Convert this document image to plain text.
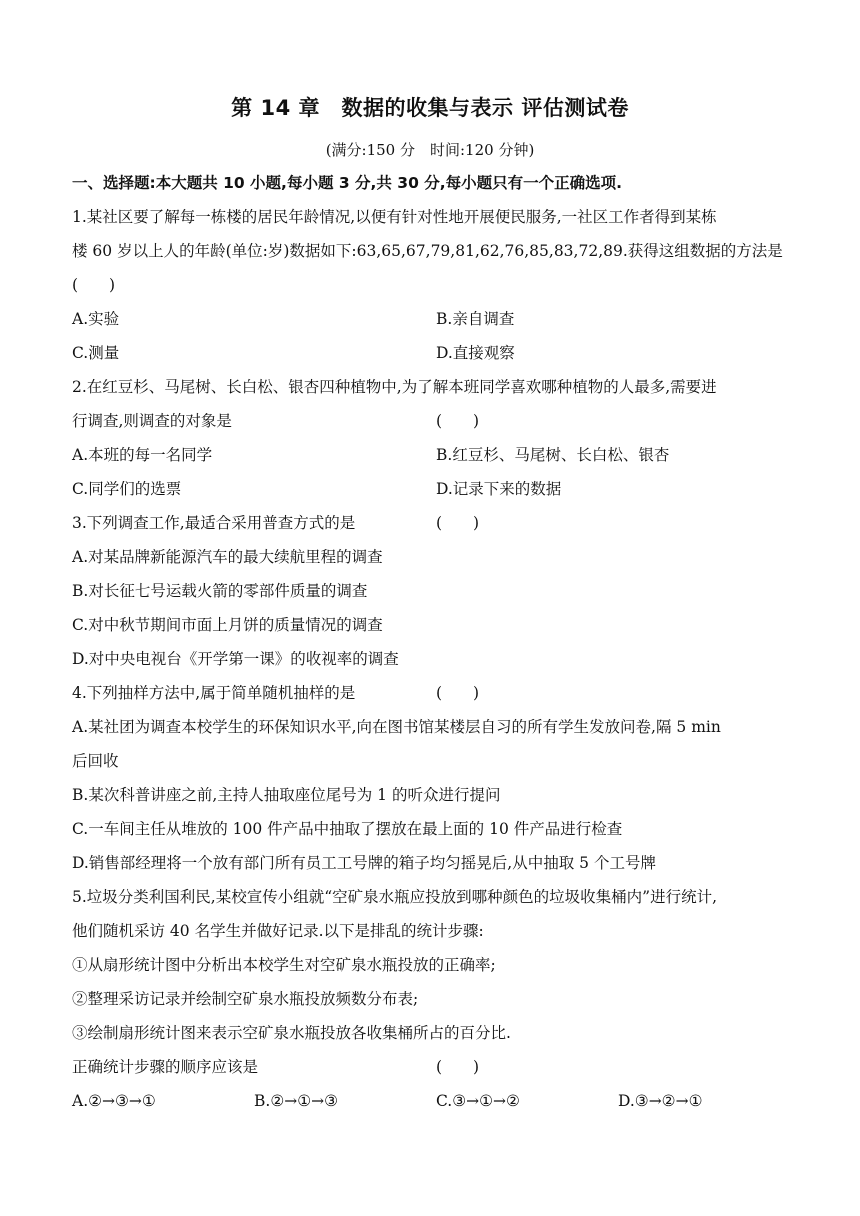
第 14 章　数据的收集与表示 评估测试卷
(满分:150 分　时间:120 分钟)
一、选择题:本大题共 10 小题,每小题 3 分,共 30 分,每小题只有一个正确选项.
1.某社区要了解每一栋楼的居民年龄情况,以便有针对性地开展便民服务,一社区工作者得到某栋
楼 60 岁以上人的年龄(单位:岁)数据如下:63,65,67,79,81,62,76,85,83,72,89.获得这组数据的方法是
(　　)
A.实验	B.亲自调查
C.测量	D.直接观察
2.在红豆杉、马尾树、长白松、银杏四种植物中,为了解本班同学喜欢哪种植物的人最多,需要进
行调查,则调查的对象是	(　　)
A.本班的每一名同学	B.红豆杉、马尾树、长白松、银杏
C.同学们的选票	D.记录下来的数据
3.下列调查工作,最适合采用普查方式的是	(　　)
A.对某品牌新能源汽车的最大续航里程的调查
B.对长征七号运载火箭的零部件质量的调查
C.对中秋节期间市面上月饼的质量情况的调查
D.对中央电视台《开学第一课》的收视率的调查
4.下列抽样方法中,属于简单随机抽样的是	(　　)
A.某社团为调查本校学生的环保知识水平,向在图书馆某楼层自习的所有学生发放问卷,隔 5 min
后回收
B.某次科普讲座之前,主持人抽取座位尾号为 1 的听众进行提问
C.一车间主任从堆放的 100 件产品中抽取了摆放在最上面的 10 件产品进行检查
D.销售部经理将一个放有部门所有员工工号牌的箱子均匀摇晃后,从中抽取 5 个工号牌
5.垃圾分类利国利民,某校宣传小组就“空矿泉水瓶应投放到哪种颜色的垃圾收集桶内”进行统计,
他们随机采访 40 名学生并做好记录.以下是排乱的统计步骤:
①从扇形统计图中分析出本校学生对空矿泉水瓶投放的正确率;
②整理采访记录并绘制空矿泉水瓶投放频数分布表;
③绘制扇形统计图来表示空矿泉水瓶投放各收集桶所占的百分比.
正确统计步骤的顺序应该是	(　　)
A.②→③→①	B.②→①→③	C.③→①→②	D.③→②→①
